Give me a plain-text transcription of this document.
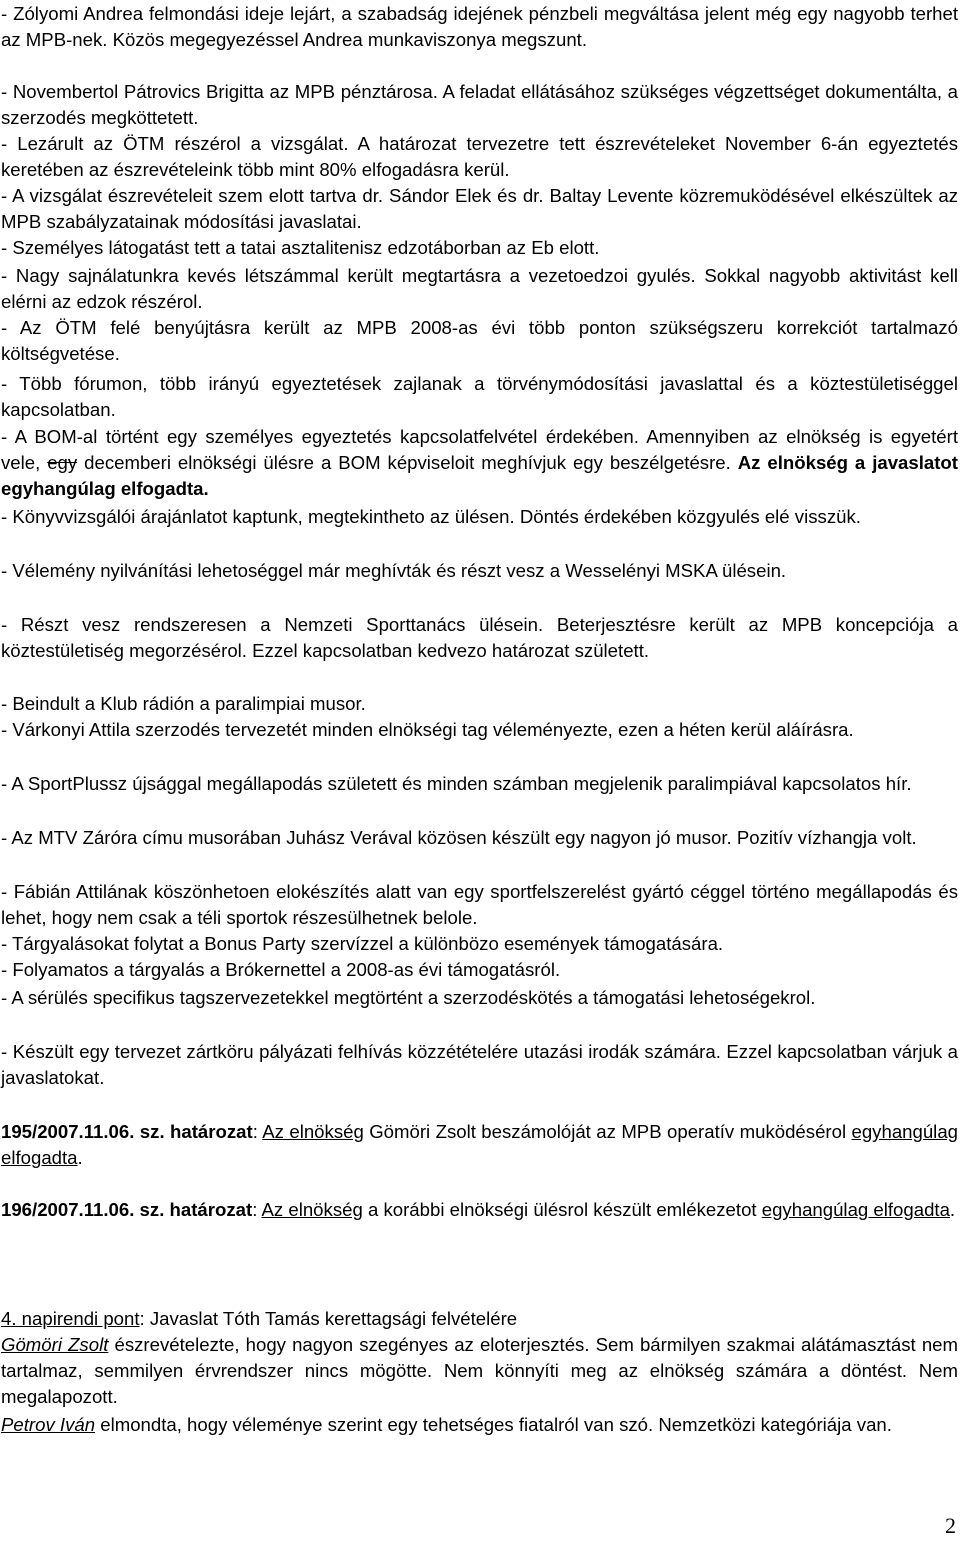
- Zólyomi Andrea felmondási ideje lejárt, a szabadság idejének pénzbeli megváltása jelent még egy nagyobb terhet az MPB-nek. Közös megegyezéssel Andrea munkaviszonya megszunt.

- Novembertol Pátrovics Brigitta az MPB pénztárosa. A feladat ellátásához szükséges végzettséget dokumentálta, a szerzodés megköttetett.

- Lezárult az ÖTM részérol a vizsgálat. A határozat tervezetre tett észrevételeket November 6-án egyeztetés keretében az észrevételeink több mint 80% elfogadásra kerül.

- A vizsgálat észrevételeit szem elott tartva dr. Sándor Elek és dr. Baltay Levente közremuködésével elkészültek az MPB szabályzatainak módosítási javaslatai.

- Személyes látogatást tett a tatai asztalitenisz edzotáborban az Eb elott.

- Nagy sajnálatunkra kevés létszámmal került megtartásra a vezetoedzoi gyulés. Sokkal nagyobb aktivitást kell elérni az edzok részérol.

- Az ÖTM felé benyújtásra került az MPB 2008-as évi több ponton szükségszeru korrekciót tartalmazó költségvetése.

- Több fórumon, több irányú egyeztetések zajlanak a törvénymódosítási javaslattal és a köztestületiséggel kapcsolatban.

- A BOM-al történt egy személyes egyeztetés kapcsolatfelvétel érdekében. Amennyiben az elnökség is egyetért vele, egy decemberi elnökségi ülésre a BOM képviseloit meghívjuk egy beszélgetésre. Az elnökség a javaslatot egyhangúlag elfogadta.

- Könyvvizsgálói árajánlatot kaptunk, megtekintheto az ülésen. Döntés érdekében közgyulés elé visszük.

- Vélemény nyilvánítási lehetoséggel már meghívták és részt vesz a Wesselényi MSKA ülésein.

- Részt vesz rendszeresen a Nemzeti Sporttanács ülésein. Beterjesztésre került az MPB koncepciója a köztestületiség megorzésérol. Ezzel kapcsolatban kedvezo határozat született.

- Beindult a Klub rádión a paralimpiai musor.

- Várkonyi Attila szerzodés tervezetét minden elnökségi tag véleményezte, ezen a héten kerül aláírásra.

- A SportPlussz újsággal megállapodás született és minden számban megjelenik paralimpiával kapcsolatos hír.

- Az MTV Záróra címu musorában Juhász Verával közösen készült egy nagyon jó musor. Pozitív vízhangja volt.

- Fábián Attilának köszönhetoen elokészítés alatt van egy sportfelszerelést gyártó céggel történo megállapodás és lehet, hogy nem csak a téli sportok részesülhetnek belole.

- Tárgyalásokat folytat a Bonus Party szervízzel a különbözo események támogatására.

- Folyamatos a tárgyalás a Brókernettel a 2008-as évi támogatásról.

- A sérülés specifikus tagszervezetekkel megtörtént a szerzodéskötés a támogatási lehetoségekrol.

- Készült egy tervezet zártköru pályázati felhívás közzétételére utazási irodák számára. Ezzel kapcsolatban várjuk a javaslatokat.

195/2007.11.06. sz. határozat: Az elnökség Gömöri Zsolt beszámolóját az MPB operatív muködésérol egyhangúlag elfogadta.

196/2007.11.06. sz. határozat: Az elnökség a korábbi elnökségi ülésrol készült emlékezetot egyhangúlag elfogadta.

4. napirendi pont: Javaslat Tóth Tamás kerettagsági felvételére

Gömöri Zsolt észrevételezte, hogy nagyon szegényes az eloterjesztés. Sem bármilyen szakmai alátámasztást nem tartalmaz, semmilyen érvrendszer nincs mögötte. Nem könnyíti meg az elnökség számára a döntést. Nem megalapozott.

Petrov Iván elmondta, hogy véleménye szerint egy tehetséges fiatalról van szó. Nemzetközi kategóriája van.

2
